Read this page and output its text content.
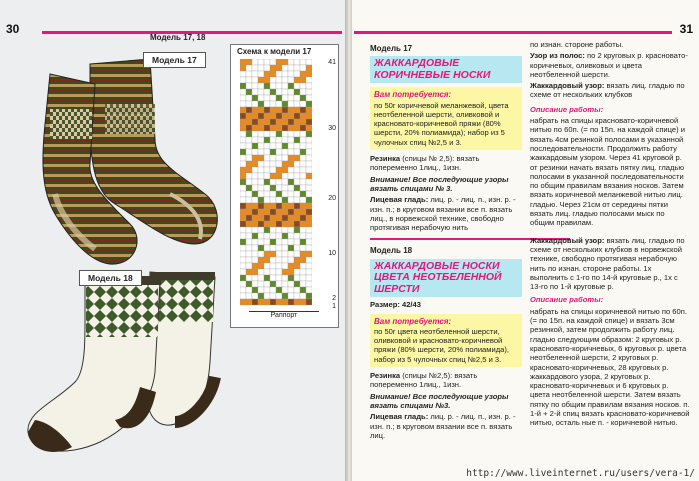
30
Модель 17, 18
Модель 17
Модель 18
Схема к модели 17
41
30
20
10
2
1
Раппорт
31
Модель 17
ЖАККАРДОВЫЕ КОРИЧНЕВЫЕ НОСКИ
Вам потребуется:
по 50г коричневой меланжевой, цвета неотбеленной шерсти, оливковой и красновато-коричневой пряжи (80% шерсти, 20% полиамида); набор из 5 чулочных спиц №2,5 и 3.

Резинка (спицы № 2,5): вязать попеременно 1лиц., 1изн.

Внимание! Все последующие узоры вязать спицами № 3.

Лицевая гладь: лиц. р. - лиц. п., изн. р. - изн. п.; в круговом вязании все п. вязать лиц., в норвежской технике, свободно протягивая нерабочую нить

Модель 18
ЖАККАРДОВЫЕ НОСКИ ЦВЕТА НЕОТБЕЛЕННОЙ ШЕРСТИ

Размер: 42/43

Вам потребуется:
по 50г цвета неотбеленной шерсти, оливковой и красновато-коричневой пряжи (80% шерсти, 20% полиамида), набор из 5 чулочных спиц №2,5 и 3.

Резинка (спицы №2,5): вязать попеременно 1лиц., 1изн.

Внимание! Все последующие узоры вязать спицами №3.

Лицевая гладь: лиц. р. - лиц. п., изн. р. - изн. п.; в круговом вязании все п. вязать лиц.

по изнан. стороне работы.

Узор из полос: по 2 круговых р. красновато-коричневых, оливковых и цвета неотбеленной шерсти.

Жаккардовый узор: вязать лиц. гладью по схеме от нескольких клубков

Описание работы:

набрать на спицы красновато-коричневой нитью по 60п. (= по 15п. на каждой спице) и вязать 4см резинкой полосами в указанной последовательности. Продолжить работу жаккардовым узором. Через 41 круговой р. от резинки начать вязать пятку лиц. гладью полосами в указанной последовательности по общим правилам вязания носков. Затем вязать коричневой меланжевой нитью лиц. гладью. Через 21см от середины пятки вязать лиц. гладью полосами мыск по общим правилам.

Жаккардовый узор: вязать лиц. гладью по схеме от нескольких клубков в норвежской технике, свободно протягивая нерабочую нить по изнан. стороне работы. 1х выполнить с 1-го по 14-й круговые р., 1х с 13-го по 1-й круговые р.

Описание работы:

набрать на спицы коричневой нитью по 60п. (= по 15п. на каждой спице) и вязать 3см резинкой, затем продолжить работу лиц. гладью следующим образом: 2 круговых р. красновато-коричневых, 6 круговых р. цвета неотбеленной шерсти, 2 круговых р. красновато-коричневых, 28 круговых р. жаккардового узора, 2 круговых р. красновато-коричневых и 6 круговых р. цвета неотбеленной шерсти. Затем вязать пятку по общим правилам вязания носков. п. 1-й + 2-й спиц вязать красновато-коричневой нитью, осталь ные п. - коричневой нитью.

http://www.liveinternet.ru/users/vera-1/
